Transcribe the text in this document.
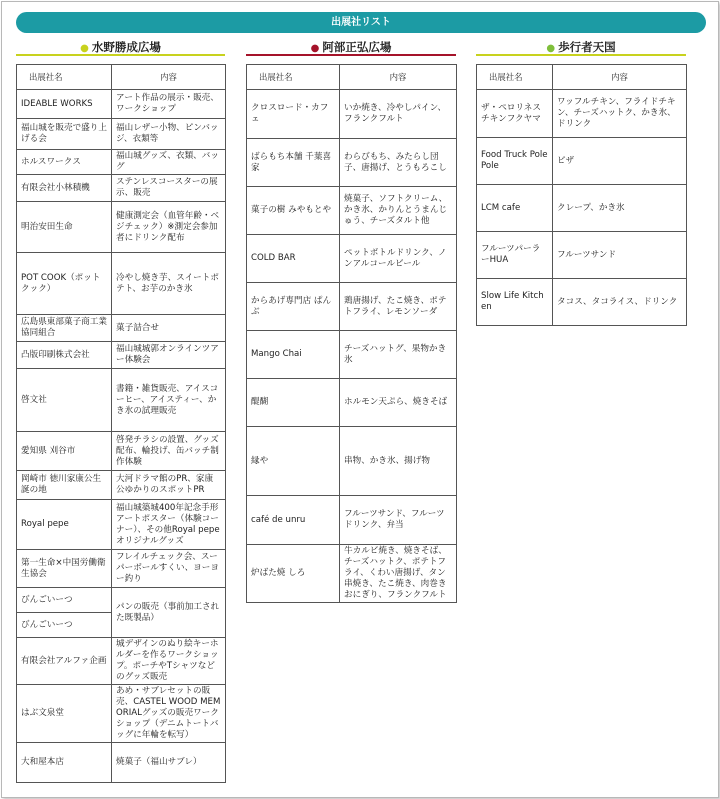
出展社リスト
● 水野勝成広場
出展社名	内容
IDEABLE WORKS	アート作品の展示・販売、ワークショップ
福山城を販売で盛り上げる会	福山レザー小物、ピンバッジ、衣類等
ホルスワークス	福山城グッズ、衣類、バッグ
有限会社小林積機	ステンレスコースターの展示、販売
明治安田生命	健康測定会（血管年齢・ベジチェック）※測定会参加者にドリンク配布
POT COOK（ポット クック）	冷やし焼き芋、スイートポテト、お芋のかき氷
広島県東部菓子商工業協同組合	菓子詰合せ
凸版印刷株式会社	福山城城郭オンラインツアー体験会
啓文社	書籍・雑貨販売、アイスコーヒー、アイスティー、かき氷の試理販売
愛知県 刈谷市	啓発チラシの設置、グッズ配布、輪投げ、缶バッチ制作体験
岡崎市 徳川家康公生誕の地	大河ドラマ館のPR、家康公ゆかりのスポットPR
Royal pepe	福山城築城400年記念手形アートポスター（体験コーナー）、その他Royal pepeオリジナルグッズ
第一生命×中国労働衛生協会	フレイルチェック会、スーパーボールすくい、ヨーヨー釣り
びんごいーつ	パンの販売（事前加工された既製品）
びんごいーつ	
有限会社アルファ企画	城デザインのぬり絵キーホルダーを作るワークショップ。ポーチやTシャツなどのグッズ販売
はぶ文泉堂	あめ・サブレセットの販売、CASTEL WOOD MEMORIALグッズの販売ワークショップ（デニムトートバッグに年輪を転写）
大和屋本店	焼菓子（福山サブレ）
● 阿部正弘広場
出展社名	内容
クロスロード・カフェ	いか焼き、冷やしパイン、フランクフルト
ばらもち本舗 千葉喜家	わらびもち、みたらし団子、唐揚げ、とうもろこし
菓子の樹 みやもとや	焼菓子、ソフトクリーム、かき氷、かりんとうまんじゅう、チーズタルト他
COLD BAR	ペットボトルドリンク、ノンアルコールビール
からあげ専門店 ぱんぶ	鶏唐揚げ、たこ焼き、ポテトフライ、レモンソーダ
Mango Chai	チーズハットグ、果物かき氷
醍醐	ホルモン天ぷら、焼きそば
縁や	串物、かき氷、揚げ物
café de unru	フルーツサンド、フルーツドリンク、弁当
炉ばた焼 しろ	牛カルビ焼き、焼きそば、チーズハットク、ポテトフライ、くわい唐揚げ、タン串焼き、たこ焼き、肉巻きおにぎり、フランクフルト
● 歩行者天国
出展社名	内容
ザ・ペロリネスチキンフクヤマ	ワッフルチキン、フライドチキン、チーズハットク、かき氷、ドリンク
Food Truck Pole Pole	ピザ
LCM cafe	クレープ、かき氷
フルーツパーラーHUA	フルーツサンド
Slow Life Kitchen	タコス、タコライス、ドリンク
